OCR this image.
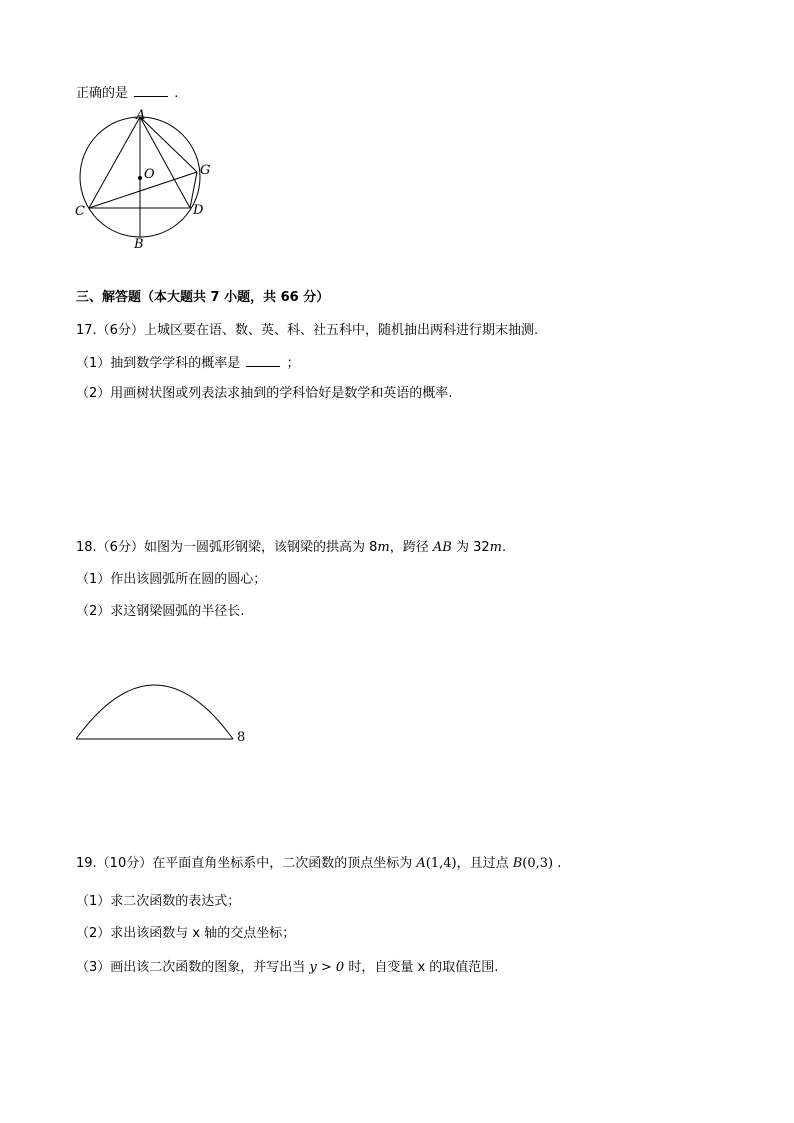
正确的是	.
A
O	G
C	D
B
三、解答题（本大题共 7 小题，共 66 分）
17.（6分）上城区要在语、数、英、科、社五科中，随机抽出两科进行期末抽测.
（1）抽到数学学科的概率是	；
（2）用画树状图或列表法求抽到的学科恰好是数学和英语的概率.
18.（6分）如图为一圆弧形钢梁，该钢梁的拱高为 8m，跨径 AB 为 32m.
（1）作出该圆弧所在圆的圆心；
（2）求这钢梁圆弧的半径长.
8
19.（10分）在平面直角坐标系中，二次函数的顶点坐标为 A(1,4)，且过点 B(0,3) .
（1）求二次函数的表达式；
（2）求出该函数与 x 轴的交点坐标；
（3）画出该二次函数的图象，并写出当 y > 0 时，自变量 x 的取值范围.
